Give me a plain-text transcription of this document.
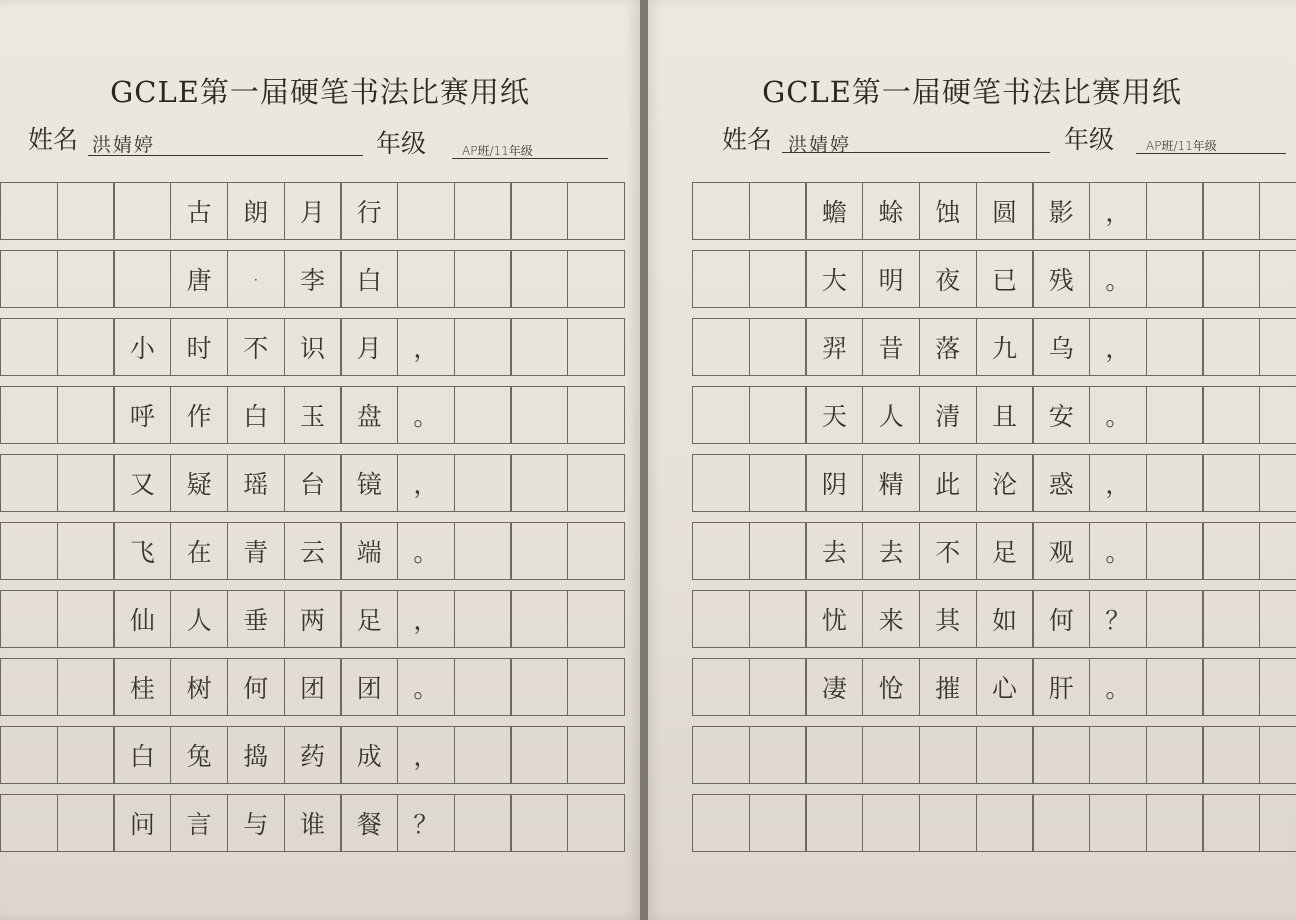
GCLE第一届硬笔书法比赛用纸
姓名 洪婧婷	年级	AP班/11年级
古	朗	月	行
唐	·	李	白
小	时	不	识	月	，
呼	作	白	玉	盘	。
又	疑	瑶	台	镜	，
飞	在	青	云	端	。
仙	人	垂	两	足	，
桂	树	何	团	团	。
白	兔	捣	药	成	，
问	言	与	谁	餐	？
GCLE第一届硬笔书法比赛用纸
姓名 洪婧婷	年级	AP班/11年级
蟾	蜍	蚀	圆	影	，
大	明	夜	已	残	。
羿	昔	落	九	乌	，
天	人	清	且	安	。
阴	精	此	沦	惑	，
去	去	不	足	观	。
忧	来	其	如	何	？
凄	怆	摧	心	肝	。
